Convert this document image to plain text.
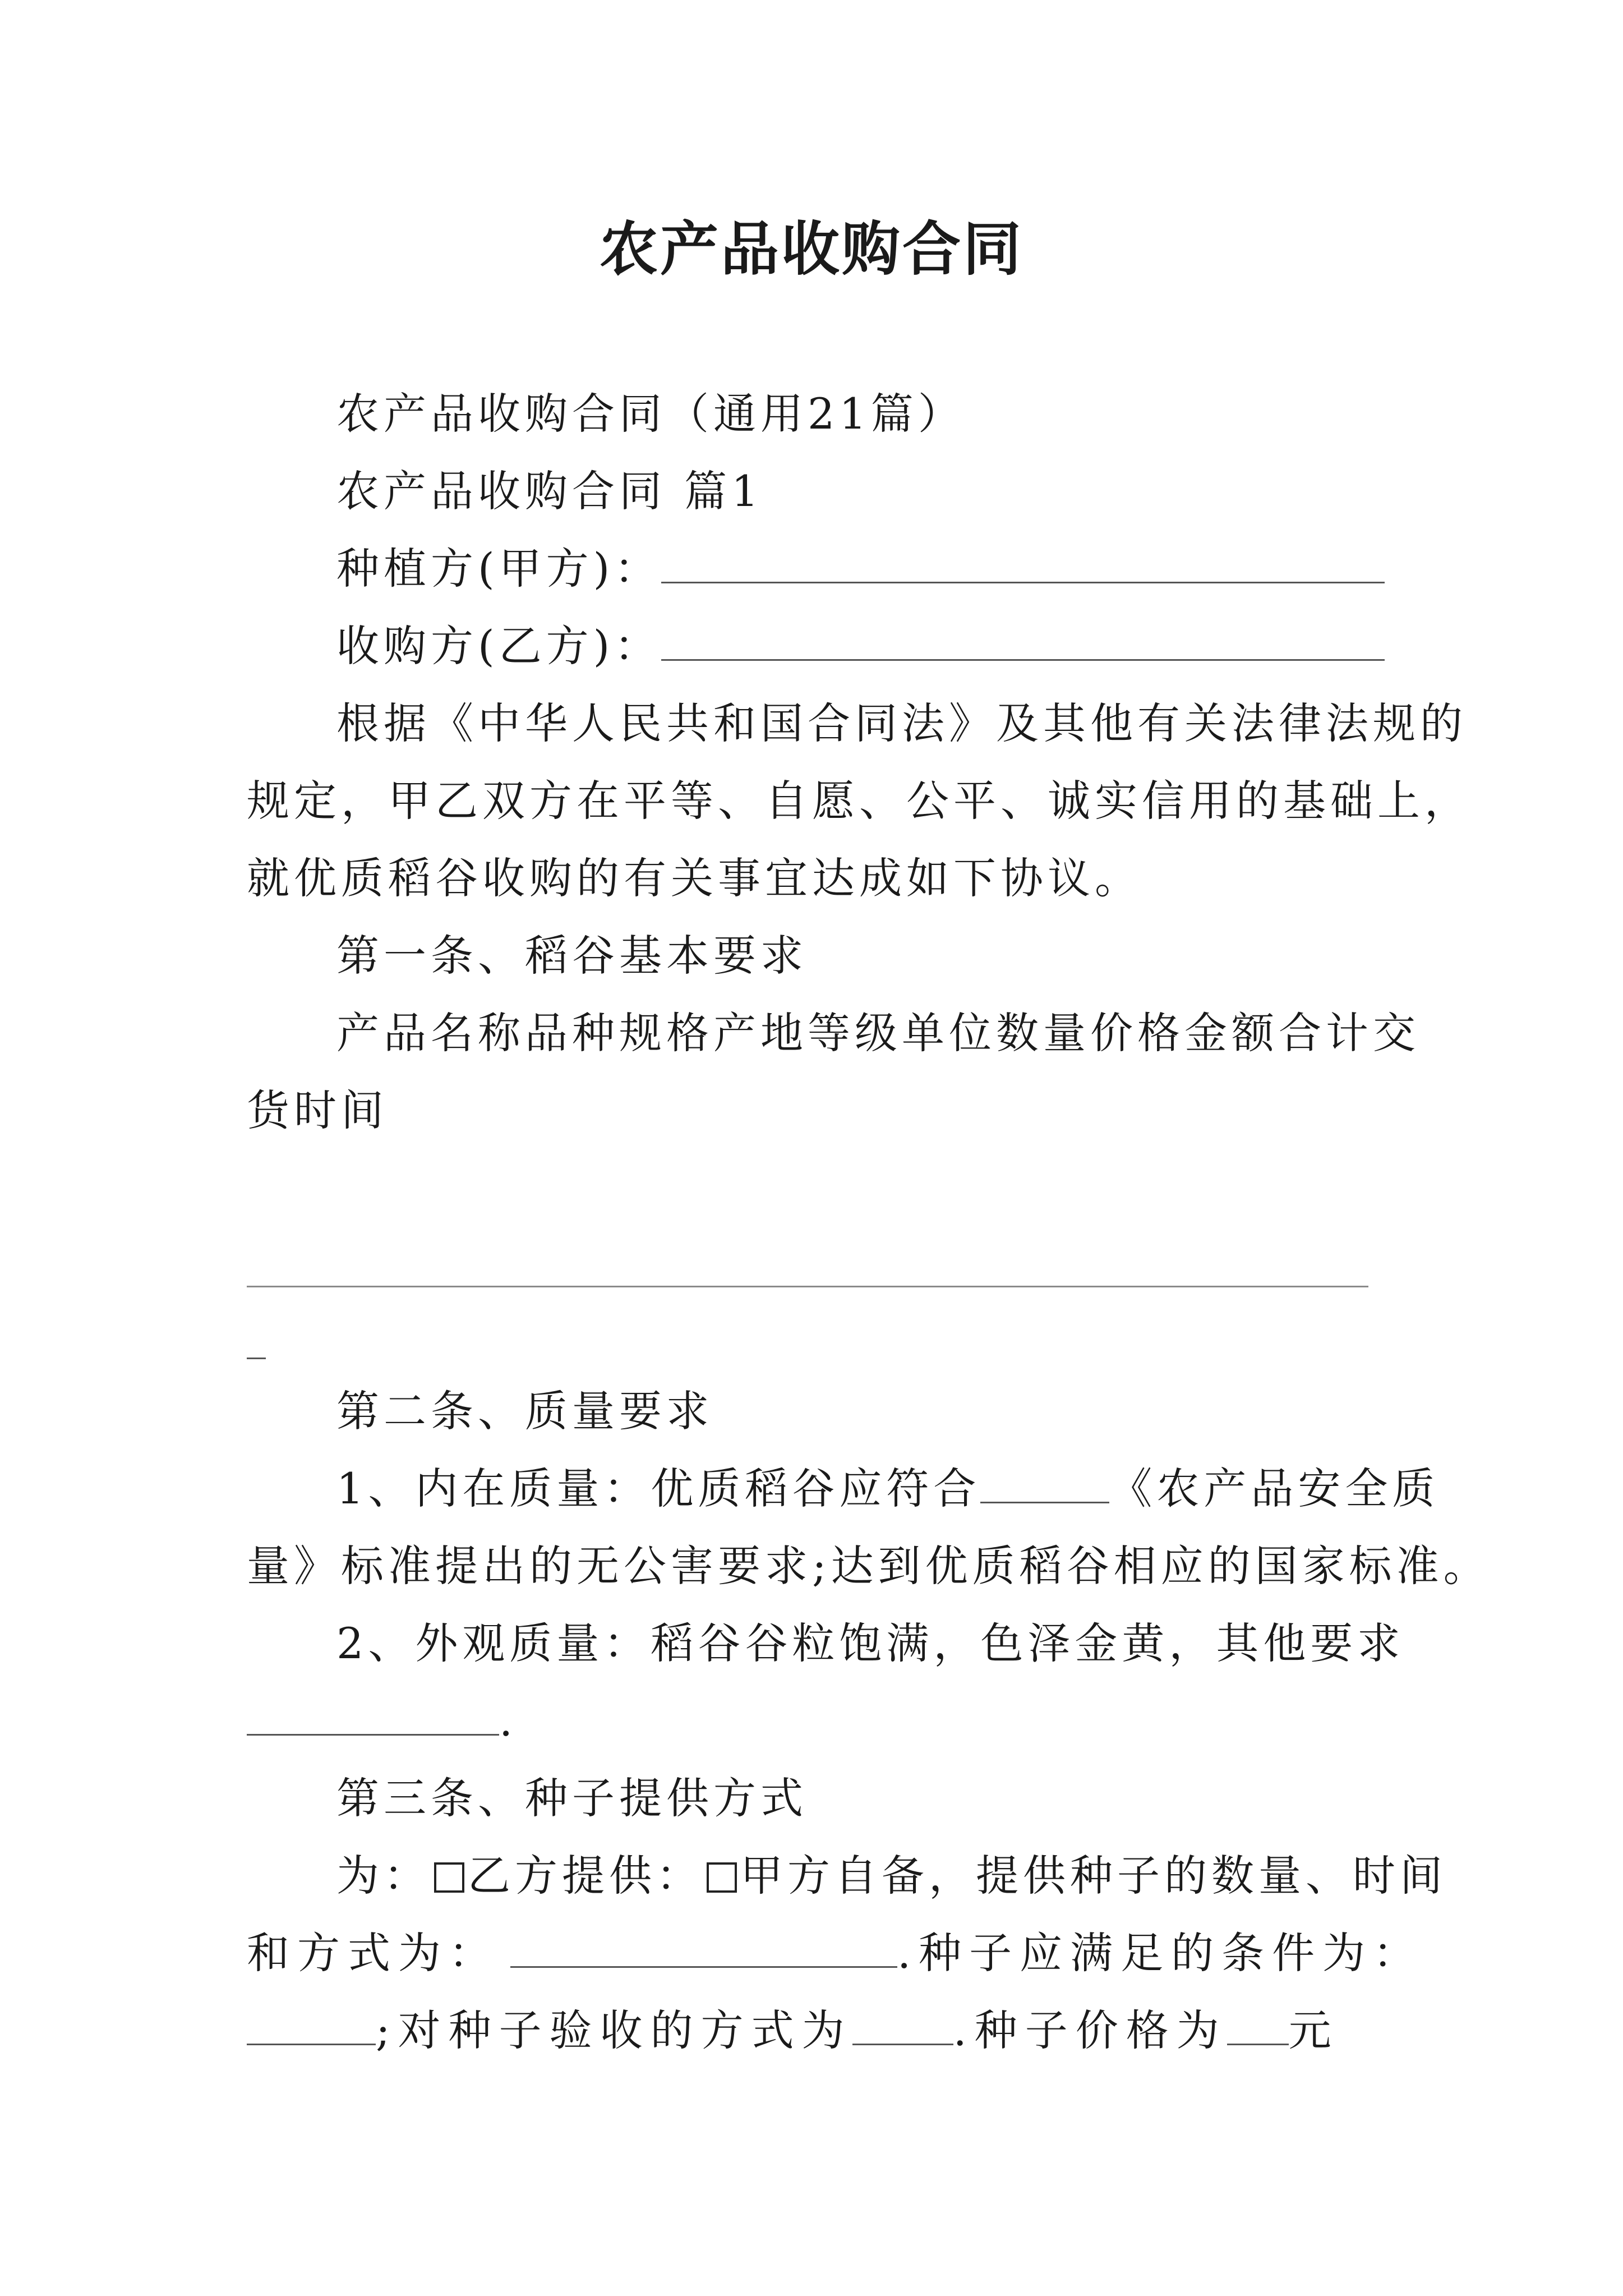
农产品收购合同
农产品收购合同（通用21篇）
农产品收购合同 篇1
种植方(甲方)：
收购方(乙方)：
根据《中华人民共和国合同法》及其他有关法律法规的
规定，甲乙双方在平等、自愿、公平、诚实信用的基础上，
就优质稻谷收购的有关事宜达成如下协议。
第一条、稻谷基本要求
产品名称品种规格产地等级单位数量价格金额合计交
货时间
第二条、质量要求
1、内在质量：优质稻谷应符合	《农产品安全质
量》标准提出的无公害要求;达到优质稻谷相应的国家标准。
2、外观质量：稻谷谷粒饱满，色泽金黄，其他要求
.
第三条、种子提供方式
为： 乙方提供： 甲方自备，提供种子的数量、时间
和方式为：	.种子应满足的条件为：
;对种子验收的方式为 .种子价格为 元
